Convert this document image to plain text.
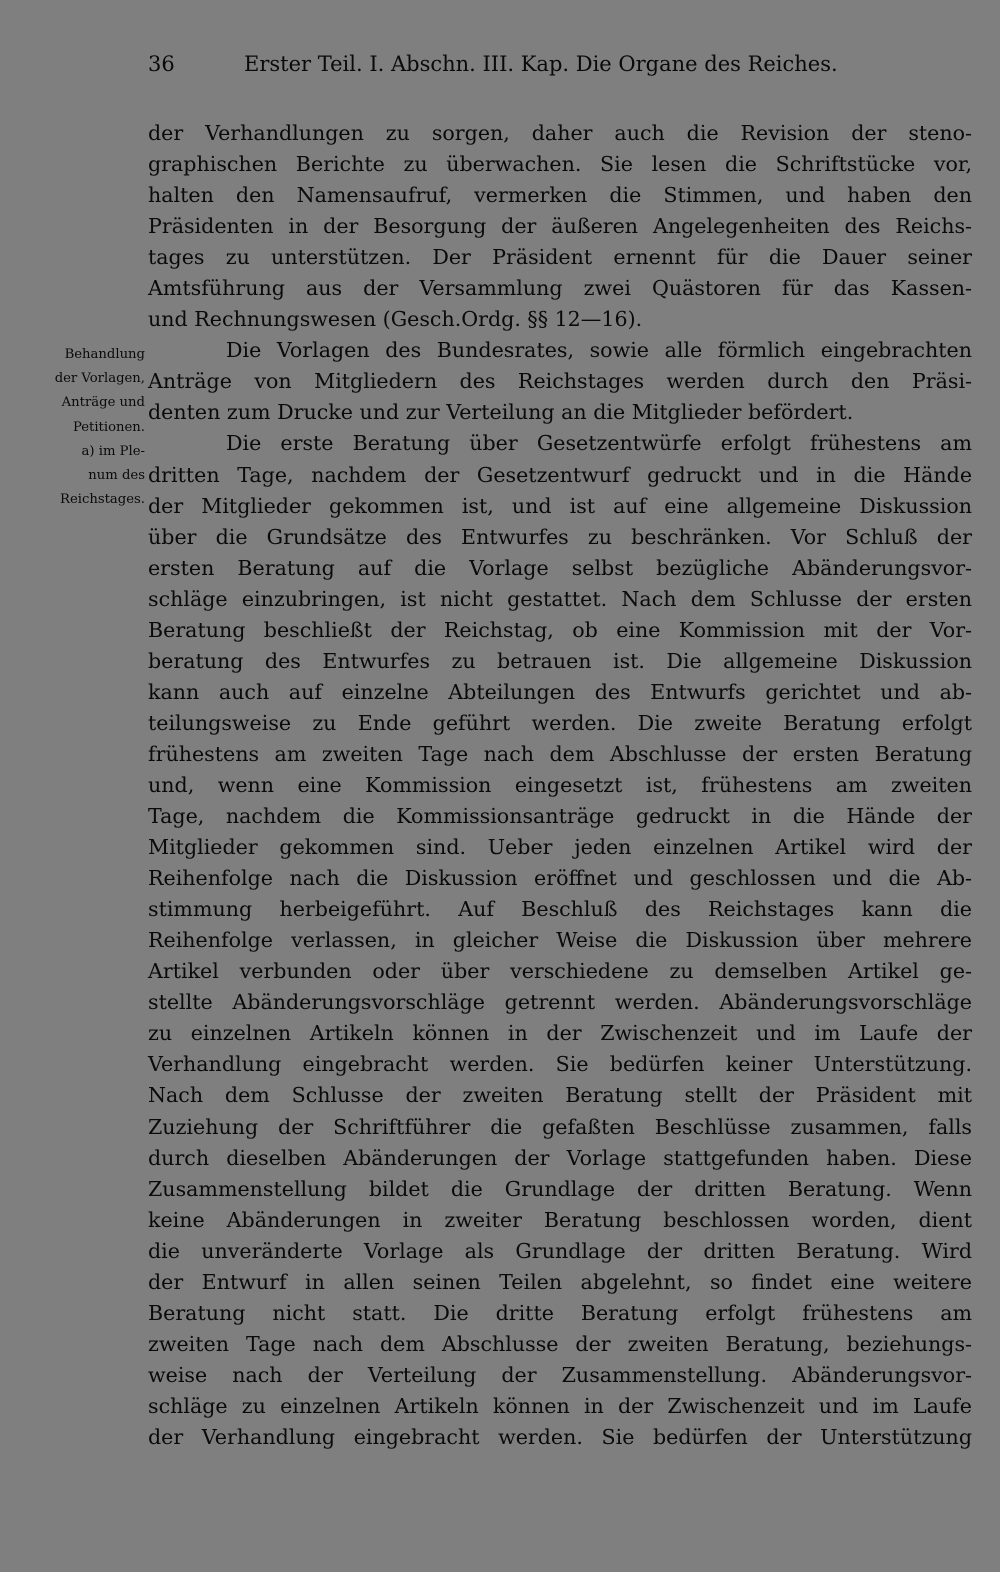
36	Erster Teil. I. Abschn. III. Kap. Die Organe des Reiches.
Behandlung
der Vorlagen,
Anträge und
Petitionen.
a) im Ple-
num des
Reichstages.
der Verhandlungen zu sorgen, daher auch die Revision der steno-
graphischen Berichte zu überwachen. Sie lesen die Schriftstücke vor,
halten den Namensaufruf, vermerken die Stimmen, und haben den
Präsidenten in der Besorgung der äußeren Angelegenheiten des Reichs-
tages zu unterstützen. Der Präsident ernennt für die Dauer seiner
Amtsführung aus der Versammlung zwei Quästoren für das Kassen-
und Rechnungswesen (Gesch.Ordg. §§ 12—16).
Die Vorlagen des Bundesrates, sowie alle förmlich eingebrachten
Anträge von Mitgliedern des Reichstages werden durch den Präsi-
denten zum Drucke und zur Verteilung an die Mitglieder befördert.
Die erste Beratung über Gesetzentwürfe erfolgt frühestens am
dritten Tage, nachdem der Gesetzentwurf gedruckt und in die Hände
der Mitglieder gekommen ist, und ist auf eine allgemeine Diskussion
über die Grundsätze des Entwurfes zu beschränken. Vor Schluß der
ersten Beratung auf die Vorlage selbst bezügliche Abänderungsvor-
schläge einzubringen, ist nicht gestattet. Nach dem Schlusse der ersten
Beratung beschließt der Reichstag, ob eine Kommission mit der Vor-
beratung des Entwurfes zu betrauen ist. Die allgemeine Diskussion
kann auch auf einzelne Abteilungen des Entwurfs gerichtet und ab-
teilungsweise zu Ende geführt werden. Die zweite Beratung erfolgt
frühestens am zweiten Tage nach dem Abschlusse der ersten Beratung
und, wenn eine Kommission eingesetzt ist, frühestens am zweiten
Tage, nachdem die Kommissionsanträge gedruckt in die Hände der
Mitglieder gekommen sind. Ueber jeden einzelnen Artikel wird der
Reihenfolge nach die Diskussion eröffnet und geschlossen und die Ab-
stimmung herbeigeführt. Auf Beschluß des Reichstages kann die
Reihenfolge verlassen, in gleicher Weise die Diskussion über mehrere
Artikel verbunden oder über verschiedene zu demselben Artikel ge-
stellte Abänderungsvorschläge getrennt werden. Abänderungsvorschläge
zu einzelnen Artikeln können in der Zwischenzeit und im Laufe der
Verhandlung eingebracht werden. Sie bedürfen keiner Unterstützung.
Nach dem Schlusse der zweiten Beratung stellt der Präsident mit
Zuziehung der Schriftführer die gefaßten Beschlüsse zusammen, falls
durch dieselben Abänderungen der Vorlage stattgefunden haben. Diese
Zusammenstellung bildet die Grundlage der dritten Beratung. Wenn
keine Abänderungen in zweiter Beratung beschlossen worden, dient
die unveränderte Vorlage als Grundlage der dritten Beratung. Wird
der Entwurf in allen seinen Teilen abgelehnt, so findet eine weitere
Beratung nicht statt. Die dritte Beratung erfolgt frühestens am
zweiten Tage nach dem Abschlusse der zweiten Beratung, beziehungs-
weise nach der Verteilung der Zusammenstellung. Abänderungsvor-
schläge zu einzelnen Artikeln können in der Zwischenzeit und im Laufe
der Verhandlung eingebracht werden. Sie bedürfen der Unterstützung
